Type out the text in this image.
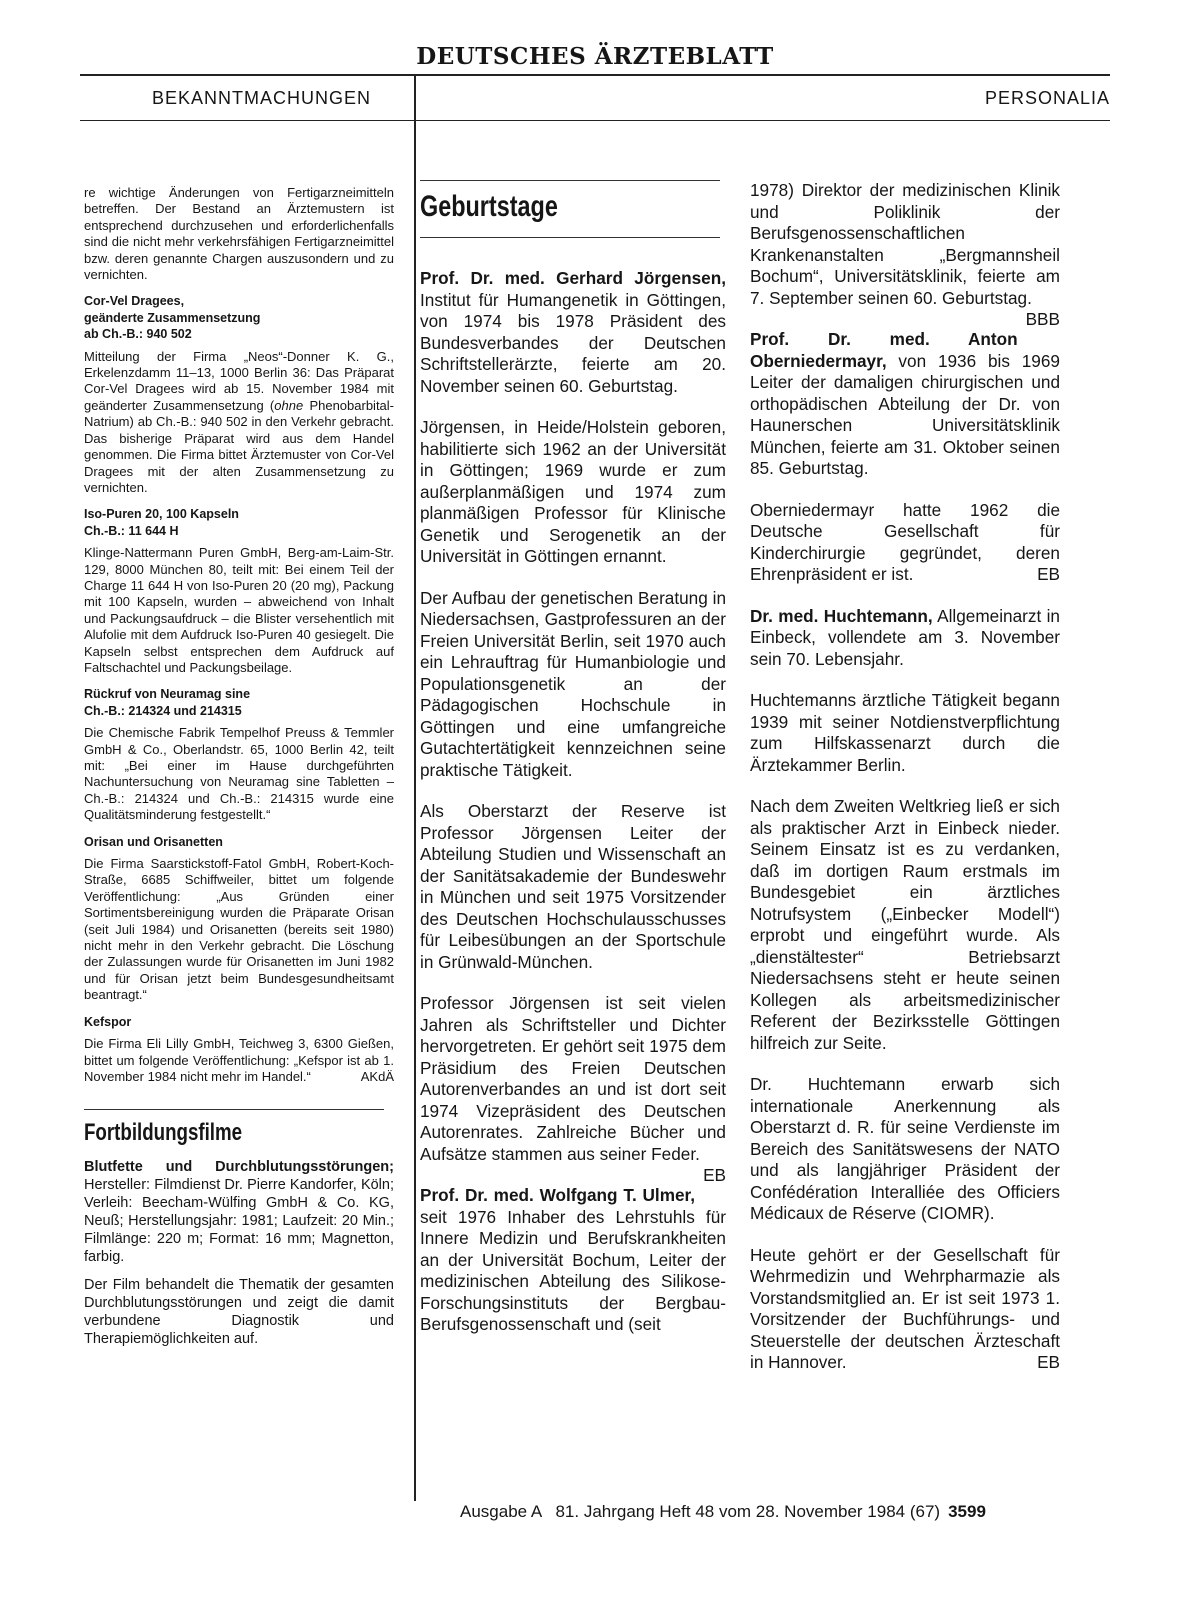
DEUTSCHES ÄRZTEBLATT
BEKANNTMACHUNGEN	PERSONALIA

re wichtige Änderungen von Fertigarzneimitteln betreffen. Der Bestand an Ärztemustern ist entsprechend durchzusehen und erforderlichenfalls sind die nicht mehr verkehrsfähigen Fertigarzneimittel bzw. deren genannte Chargen auszusondern und zu vernichten.

Cor-Vel Dragees,
geänderte Zusammensetzung
ab Ch.-B.: 940 502

Mitteilung der Firma „Neos“-Donner K. G., Erkelenzdamm 11–13, 1000 Berlin 36: Das Präparat Cor-Vel Dragees wird ab 15. November 1984 mit geänderter Zusammensetzung (ohne Phenobarbital-Natrium) ab Ch.-B.: 940 502 in den Verkehr gebracht. Das bisherige Präparat wird aus dem Handel genommen. Die Firma bittet Ärztemuster von Cor-Vel Dragees mit der alten Zusammensetzung zu vernichten.

Iso-Puren 20, 100 Kapseln
Ch.-B.: 11 644 H

Klinge-Nattermann Puren GmbH, Berg-am-Laim-Str. 129, 8000 München 80, teilt mit: Bei einem Teil der Charge 11 644 H von Iso-Puren 20 (20 mg), Packung mit 100 Kapseln, wurden – abweichend von Inhalt und Packungsaufdruck – die Blister versehentlich mit Alufolie mit dem Aufdruck Iso-Puren 40 gesiegelt. Die Kapseln selbst entsprechen dem Aufdruck auf Faltschachtel und Packungsbeilage.

Rückruf von Neuramag sine
Ch.-B.: 214324 und 214315

Die Chemische Fabrik Tempelhof Preuss & Temmler GmbH & Co., Oberlandstr. 65, 1000 Berlin 42, teilt mit: „Bei einer im Hause durchgeführten Nachuntersuchung von Neuramag sine Tabletten – Ch.-B.: 214324 und Ch.-B.: 214315 wurde eine Qualitätsminderung festgestellt.“

Orisan und Orisanetten

Die Firma Saarstickstoff-Fatol GmbH, Robert-Koch-Straße, 6685 Schiffweiler, bittet um folgende Veröffentlichung: „Aus Gründen einer Sortimentsbereinigung wurden die Präparate Orisan (seit Juli 1984) und Orisanetten (bereits seit 1980) nicht mehr in den Verkehr gebracht. Die Löschung der Zulassungen wurde für Orisanetten im Juni 1982 und für Orisan jetzt beim Bundesgesundheitsamt beantragt.“

Kefspor

Die Firma Eli Lilly GmbH, Teichweg 3, 6300 Gießen, bittet um folgende Veröffentlichung: „Kefspor ist ab 1. November 1984 nicht mehr im Handel.“	AKdÄ

Fortbildungsfilme

Blutfette und Durchblutungsstörungen; Hersteller: Filmdienst Dr. Pierre Kandorfer, Köln; Verleih: Beecham-Wülfing GmbH & Co. KG, Neuß; Herstellungsjahr: 1981; Laufzeit: 20 Min.; Filmlänge: 220 m; Format: 16 mm; Magnetton, farbig.

Der Film behandelt die Thematik der gesamten Durchblutungsstörungen und zeigt die damit verbundene Diagnostik und Therapiemöglichkeiten auf.

Geburtstage

Prof. Dr. med. Gerhard Jörgensen, Institut für Humangenetik in Göttingen, von 1974 bis 1978 Präsident des Bundesverbandes der Deutschen Schriftstellerärzte, feierte am 20. November seinen 60. Geburtstag.

Jörgensen, in Heide/Holstein geboren, habilitierte sich 1962 an der Universität in Göttingen; 1969 wurde er zum außerplanmäßigen und 1974 zum planmäßigen Professor für Klinische Genetik und Serogenetik an der Universität in Göttingen ernannt.

Der Aufbau der genetischen Beratung in Niedersachsen, Gastprofessuren an der Freien Universität Berlin, seit 1970 auch ein Lehrauftrag für Humanbiologie und Populationsgenetik an der Pädagogischen Hochschule in Göttingen und eine umfangreiche Gutachtertätigkeit kennzeichnen seine praktische Tätigkeit.

Als Oberstarzt der Reserve ist Professor Jörgensen Leiter der Abteilung Studien und Wissenschaft an der Sanitätsakademie der Bundeswehr in München und seit 1975 Vorsitzender des Deutschen Hochschulausschusses für Leibesübungen an der Sportschule in Grünwald-München.

Professor Jörgensen ist seit vielen Jahren als Schriftsteller und Dichter hervorgetreten. Er gehört seit 1975 dem Präsidium des Freien Deutschen Autorenverbandes an und ist dort seit 1974 Vizepräsident des Deutschen Autorenrates. Zahlreiche Bücher und Aufsätze stammen aus seiner Feder.
EB

Prof. Dr. med. Wolfgang T. Ulmer, seit 1976 Inhaber des Lehrstuhls für Innere Medizin und Berufskrankheiten an der Universität Bochum, Leiter der medizinischen Abteilung des Silikose-Forschungsinstituts der Bergbau-Berufsgenossenschaft und (seit

1978) Direktor der medizinischen Klinik und Poliklinik der Berufsgenossenschaftlichen Krankenanstalten „Bergmannsheil Bochum“, Universitätsklinik, feierte am 7. September seinen 60. Geburtstag.
BBB

Prof. Dr. med. Anton Oberniedermayr, von 1936 bis 1969 Leiter der damaligen chirurgischen und orthopädischen Abteilung der Dr. von Haunerschen Universitätsklinik München, feierte am 31. Oktober seinen 85. Geburtstag.

Oberniedermayr hatte 1962 die Deutsche Gesellschaft für Kinderchirurgie gegründet, deren Ehrenpräsident er ist.	EB

Dr. med. Huchtemann, Allgemeinarzt in Einbeck, vollendete am 3. November sein 70. Lebensjahr.

Huchtemanns ärztliche Tätigkeit begann 1939 mit seiner Notdienstverpflichtung zum Hilfskassenarzt durch die Ärztekammer Berlin.

Nach dem Zweiten Weltkrieg ließ er sich als praktischer Arzt in Einbeck nieder. Seinem Einsatz ist es zu verdanken, daß im dortigen Raum erstmals im Bundesgebiet ein ärztliches Notrufsystem („Einbecker Modell“) erprobt und eingeführt wurde. Als „dienstältester“ Betriebsarzt Niedersachsens steht er heute seinen Kollegen als arbeitsmedizinischer Referent der Bezirksstelle Göttingen hilfreich zur Seite.

Dr. Huchtemann erwarb sich internationale Anerkennung als Oberstarzt d. R. für seine Verdienste im Bereich des Sanitätswesens der NATO und als langjähriger Präsident der Confédération Interalliée des Officiers Médicaux de Réserve (CIOMR).

Heute gehört er der Gesellschaft für Wehrmedizin und Wehrpharmazie als Vorstandsmitglied an. Er ist seit 1973 1. Vorsitzender der Buchführungs- und Steuerstelle der deutschen Ärzteschaft in Hannover.	EB

Ausgabe A   81. Jahrgang Heft 48 vom 28. November 1984 (67) 3599
